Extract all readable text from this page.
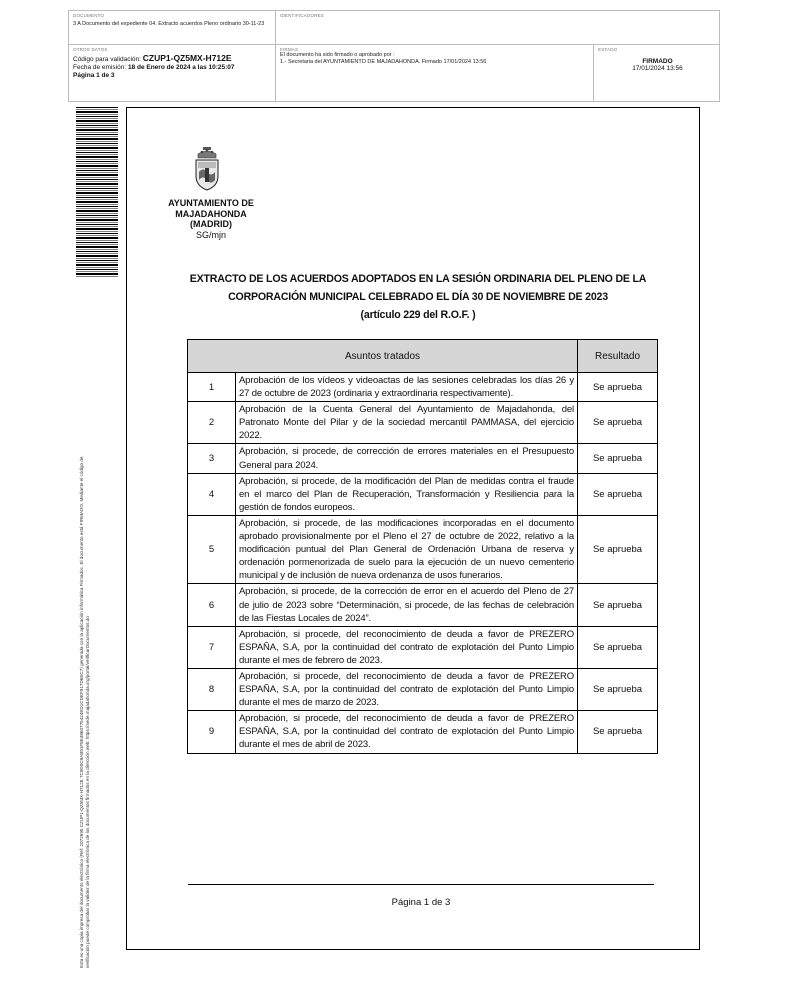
DOCUMENTO
3 A Documento del expediente 04. Extracto acuerdos Pleno ordinario 30-11-23
IDENTIFICADORES
OTROS DATOS
Código para validación: CZUP1-QZ5MX-H712E
Fecha de emisión: 18 de Enero de 2024 a las 10:25:07
Página 1 de 3
FIRMAS
El documento ha sido firmado o aprobado por :
1.- Secretaria del AYUNTAMIENTO DE MAJADAHONDA. Firmado 17/01/2024 13:56
ESTADO
FIRMADO
17/01/2024 13:56
Esta es una copia impresa del documento electrónico (Ref: 2072695 CZUP1-QZ5MX-H712E 7C9D0C9AB91F8E4860775424ED1CDEF917D6EC7) generada con la aplicación informática Firmadoc. El documento está FIRMADO. Mediante el código de verificación puede comprobar la validez de la firma electrónica de los documentos firmados en la dirección web: https://sede.majadahonda.org/portal/verificarDocumentos.do
AYUNTAMIENTO DE
MAJADAHONDA
(MADRID)
SG/mjn
EXTRACTO DE LOS ACUERDOS ADOPTADOS EN LA SESIÓN ORDINARIA DEL PLENO DE LA
CORPORACIÓN MUNICIPAL CELEBRADO EL DÍA 30 DE NOVIEMBRE DE 2023
(artículo 229 del R.O.F. )
Asuntos tratados		Resultado
1	Aprobación de los vídeos y videoactas de las sesiones celebradas los días 26 y 27 de octubre de 2023 (ordinaria y extraordinaria respectivamente).	Se aprueba
2	Aprobación de la Cuenta General del Ayuntamiento de Majadahonda, del Patronato Monte del Pilar y de la sociedad mercantil PAMMASA, del ejercicio 2022.	Se aprueba
3	Aprobación, si procede, de corrección de errores materiales en el Presupuesto General para 2024.	Se aprueba
4	Aprobación, si procede, de la modificación del Plan de medidas contra el fraude en el marco del Plan de Recuperación, Transformación y Resiliencia para la gestión de fondos europeos.	Se aprueba
5	Aprobación, si procede, de las modificaciones incorporadas en el documento aprobado provisionalmente por el Pleno el 27 de octubre de 2022, relativo a la modificación puntual del Plan General de Ordenación Urbana de reserva y ordenación pormenorizada de suelo para la ejecución de un nuevo cementerio municipal y de inclusión de nueva ordenanza de usos funerarios.	Se aprueba
6	Aprobación, si procede, de la corrección de error en el acuerdo del Pleno de 27 de julio de 2023 sobre “Determinación, si procede, de las fechas de celebración de las Fiestas Locales de 2024”.	Se aprueba
7	Aprobación, si procede, del reconocimiento de deuda a favor de PREZERO ESPAÑA, S.A, por la continuidad del contrato de explotación del Punto Limpio durante el mes de febrero de 2023.	Se aprueba
8	Aprobación, si procede, del reconocimiento de deuda a favor de PREZERO ESPAÑA, S.A, por la continuidad del contrato de explotación del Punto Limpio durante el mes de marzo de 2023.	Se aprueba
9	Aprobación, si procede, del reconocimiento de deuda a favor de PREZERO ESPAÑA, S.A, por la continuidad del contrato de explotación del Punto Limpio durante el mes de abril de 2023.	Se aprueba
Página 1 de 3
